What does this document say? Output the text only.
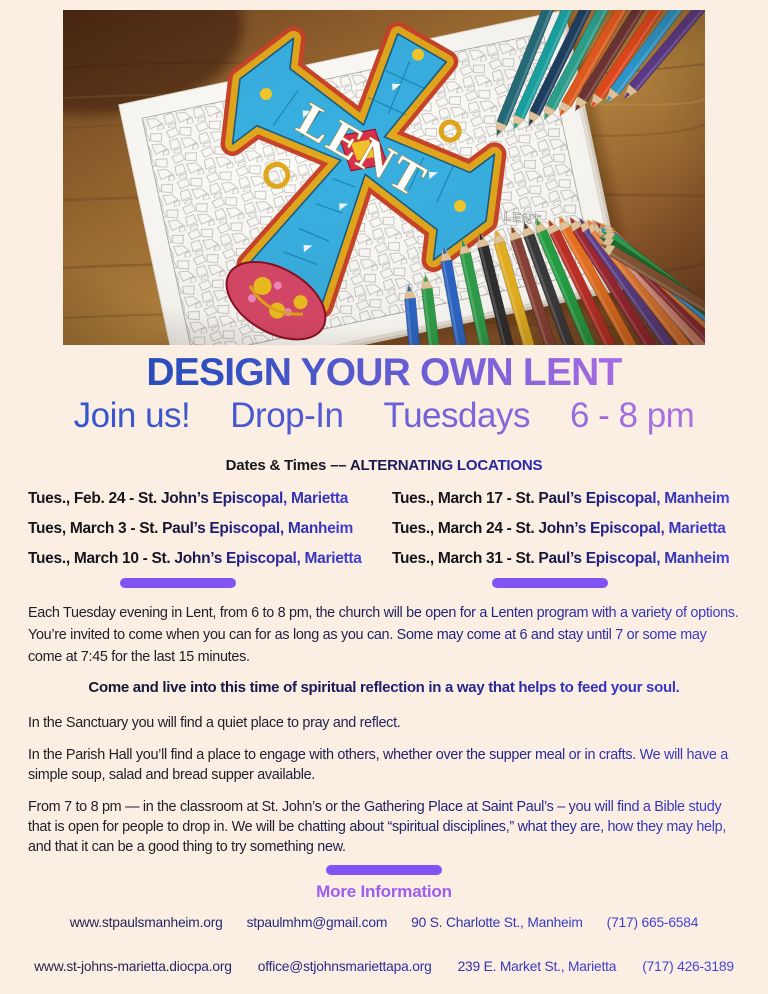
DESIGN YOUR OWN LENT
Join us! Drop-In Tuesdays 6 - 8 pm
Dates & Times –– ALTERNATING LOCATIONS
Tues., Feb. 24 - St. John’s Episcopal, Marietta
Tues, March 3 - St. Paul’s Episcopal, Manheim
Tues., March 10 - St. John’s Episcopal, Marietta
Tues., March 17 - St. Paul’s Episcopal, Manheim
Tues., March 24 - St. John’s Episcopal, Marietta
Tues., March 31 - St. Paul’s Episcopal, Manheim

Each Tuesday evening in Lent, from 6 to 8 pm, the church will be open for a Lenten program with a variety of options. You’re invited to come when you can for as long as you can. Some may come at 6 and stay until 7 or some may come at 7:45 for the last 15 minutes.

Come and live into this time of spiritual reflection in a way that helps to feed your soul.

In the Sanctuary you will find a quiet place to pray and reflect.

In the Parish Hall you’ll find a place to engage with others, whether over the supper meal or in crafts. We will have a simple soup, salad and bread supper available.

From 7 to 8 pm — in the classroom at St. John’s or the Gathering Place at Saint Paul’s – you will find a Bible study that is open for people to drop in. We will be chatting about “spiritual disciplines,” what they are, how they may help, and that it can be a good thing to try something new.

More Information
www.stpaulsmanheim.org stpaulmhm@gmail.com 90 S. Charlotte St., Manheim (717) 665-6584
www.st-johns-marietta.diocpa.org office@stjohnsmariettapa.org 239 E. Market St., Marietta (717) 426-3189
